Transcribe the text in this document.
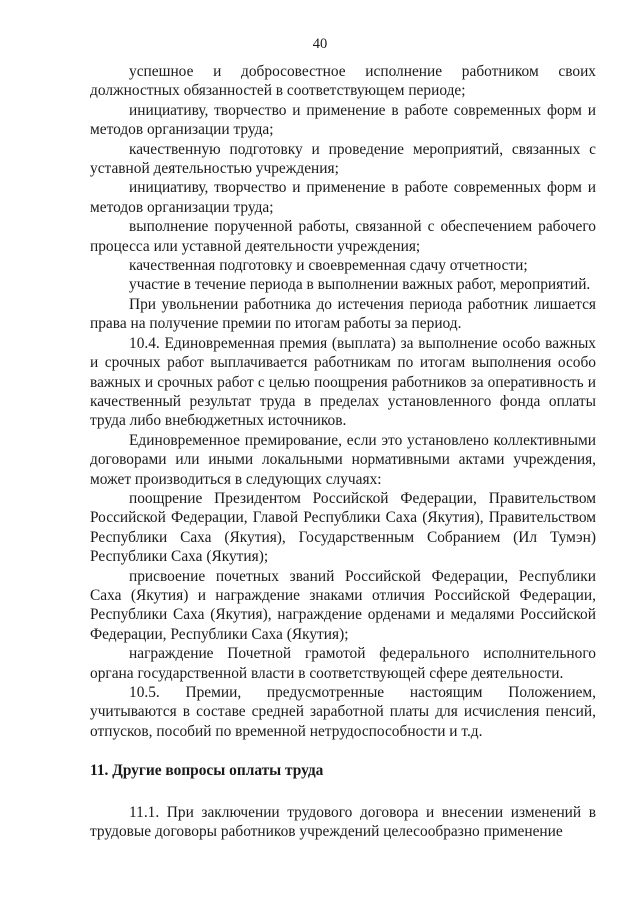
40

успешное и добросовестное исполнение работником своих должностных обязанностей в соответствующем периоде;

инициативу, творчество и применение в работе современных форм и методов организации труда;

качественную подготовку и проведение мероприятий, связанных с уставной деятельностью учреждения;

инициативу, творчество и применение в работе современных форм и методов организации труда;

выполнение порученной работы, связанной с обеспечением рабочего процесса или уставной деятельности учреждения;

качественная подготовку и своевременная сдачу отчетности;

участие в течение периода в выполнении важных работ, мероприятий.

При увольнении работника до истечения периода работник лишается права на получение премии по итогам работы за период.

10.4. Единовременная премия (выплата) за выполнение особо важных и срочных работ выплачивается работникам по итогам выполнения особо важных и срочных работ с целью поощрения работников за оперативность и качественный результат труда в пределах установленного фонда оплаты труда либо внебюджетных источников.

Единовременное премирование, если это установлено коллективными договорами или иными локальными нормативными актами учреждения, может производиться в следующих случаях:

поощрение Президентом Российской Федерации, Правительством Российской Федерации, Главой Республики Саха (Якутия), Правительством Республики Саха (Якутия), Государственным Собранием (Ил Тумэн) Республики Саха (Якутия);

присвоение почетных званий Российской Федерации, Республики Саха (Якутия) и награждение знаками отличия Российской Федерации, Республики Саха (Якутия), награждение орденами и медалями Российской Федерации, Республики Саха (Якутия);

награждение Почетной грамотой федерального исполнительного органа государственной власти в соответствующей сфере деятельности.

10.5. Премии, предусмотренные настоящим Положением, учитываются в составе средней заработной платы для исчисления пенсий, отпусков, пособий по временной нетрудоспособности и т.д.

11. Другие вопросы оплаты труда

11.1. При заключении трудового договора и внесении изменений в трудовые договоры работников учреждений целесообразно применение
